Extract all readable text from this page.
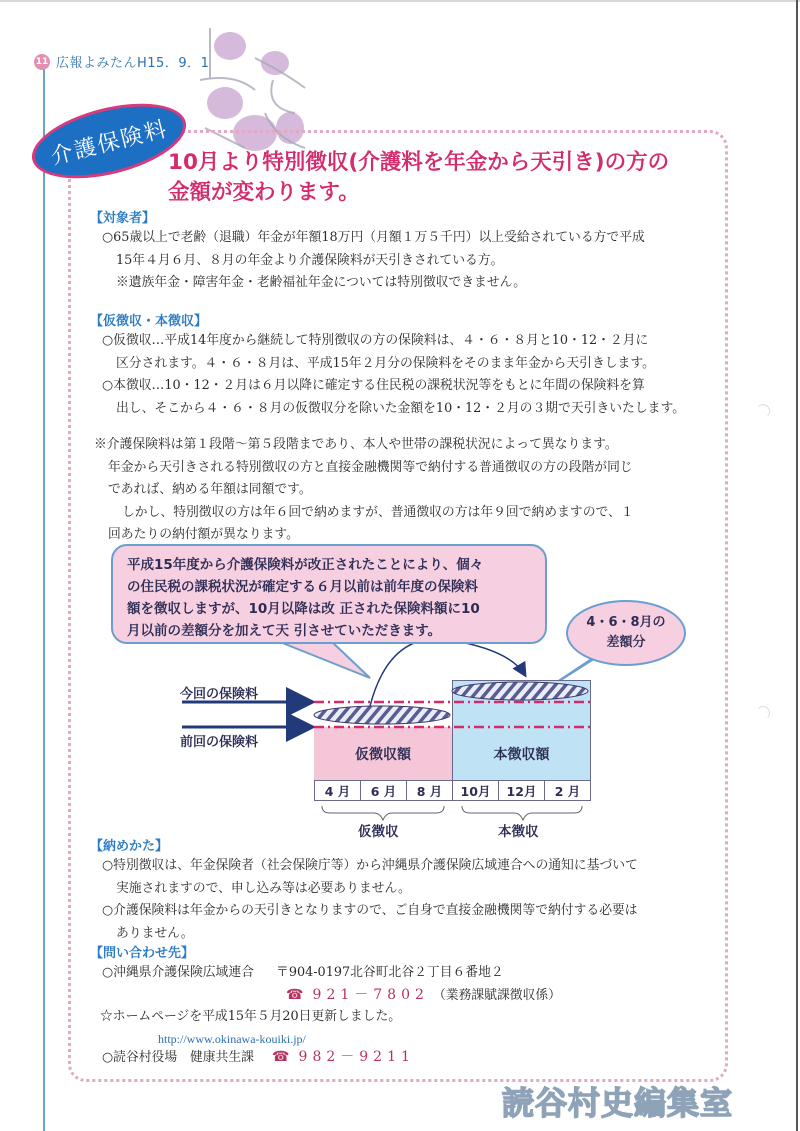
11 広報よみたんH15．9．1
介護保険料
10月より特別徴収(介護料を年金から天引き)の方の
金額が変わります。
【対象者】
○65歳以上で老齢（退職）年金が年額18万円（月額１万５千円）以上受給されている方で平成
15年４月６月、８月の年金より介護保険料が天引きされている方。
※遺族年金・障害年金・老齢福祉年金については特別徴収できません。
【仮徴収・本徴収】
○仮徴収…平成14年度から継続して特別徴収の方の保険料は、４・６・８月と10・12・２月に
区分されます。４・６・８月は、平成15年２月分の保険料をそのまま年金から天引きします。
○本徴収…10・12・２月は６月以降に確定する住民税の課税状況等をもとに年間の保険料を算
出し、そこから４・６・８月の仮徴収分を除いた金額を10・12・２月の３期で天引きいたします。
※介護保険料は第１段階～第５段階まであり、本人や世帯の課税状況によって異なります。
年金から天引きされる特別徴収の方と直接金融機関等で納付する普通徴収の方の段階が同じ
であれば、納める年額は同額です。
しかし、特別徴収の方は年６回で納めますが、普通徴収の方は年９回で納めますので、１
回あたりの納付額が異なります。
本徴収額
仮徴収額
今回の保険料
前回の保険料
4 月	6 月	8 月	10月	12月	2 月
仮徴収	本徴収

平成15年度から介護保険料が改正されたことにより、個々

の住民税の課税状況が確定する６月以前は前年度の保険料

額を徴収しますが、10月以降は改 正された保険料額に10

月以前の差額分を加えて天 引させていただきます。

4・6・8月の

差額分

【納めかた】
○特別徴収は、年金保険者（社会保険庁等）から沖縄県介護保険広域連合への通知に基づいて
実施されますので、申し込み等は必要ありません。
○介護保険料は年金からの天引きとなりますので、ご自身で直接金融機関等で納付する必要は
ありません。
【問い合わせ先】
○沖縄県介護保険広域連合 〒904-0197北谷町北谷２丁目６番地２
☎ 921－7802 （業務課賦課徴収係）
☆ホームページを平成15年５月20日更新しました。
http://www.okinawa-kouiki.jp/
○読谷村役場　健康共生課 ☎ 982－9211
読谷村史編集室
